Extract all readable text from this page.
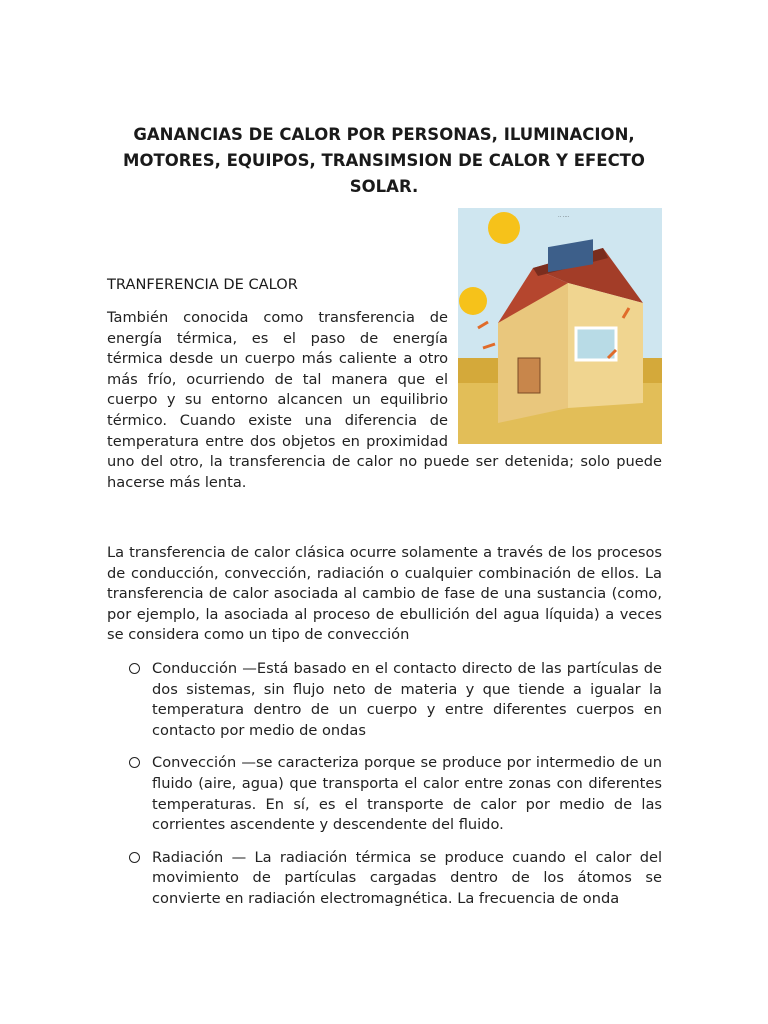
GANANCIAS DE CALOR POR PERSONAS, ILUMINACION, MOTORES, EQUIPOS, TRANSIMSION DE CALOR Y EFECTO SOLAR.
TRANFERENCIA DE CALOR
·· ····
También conocida como transferencia de energía térmica, es el paso de energía térmica desde un cuerpo más caliente a otro más frío, ocurriendo de tal manera que el cuerpo y su entorno alcancen un equilibrio térmico. Cuando existe una diferencia de temperatura entre dos objetos en proximidad uno del otro, la transferencia de calor no puede ser detenida; solo puede hacerse más lenta.

La transferencia de calor clásica ocurre solamente a través de los procesos de conducción, convección, radiación o cualquier combinación de ellos. La transferencia de calor asociada al cambio de fase de una sustancia (como, por ejemplo, la asociada al proceso de ebullición del agua líquida) a veces se considera como un tipo de convección

Conducción —Está basado en el contacto directo de las partículas de dos sistemas, sin flujo neto de materia y que tiende a igualar la temperatura dentro de un cuerpo y entre diferentes cuerpos en contacto por medio de ondas
Convección —se caracteriza porque se produce por intermedio de un fluido (aire, agua) que transporta el calor entre zonas con diferentes temperaturas. En sí, es el transporte de calor por medio de las corrientes ascendente y descendente del fluido.
Radiación — La radiación térmica se produce cuando el calor del movimiento de partículas cargadas dentro de los átomos se convierte en radiación electromagnética. La frecuencia de onda
